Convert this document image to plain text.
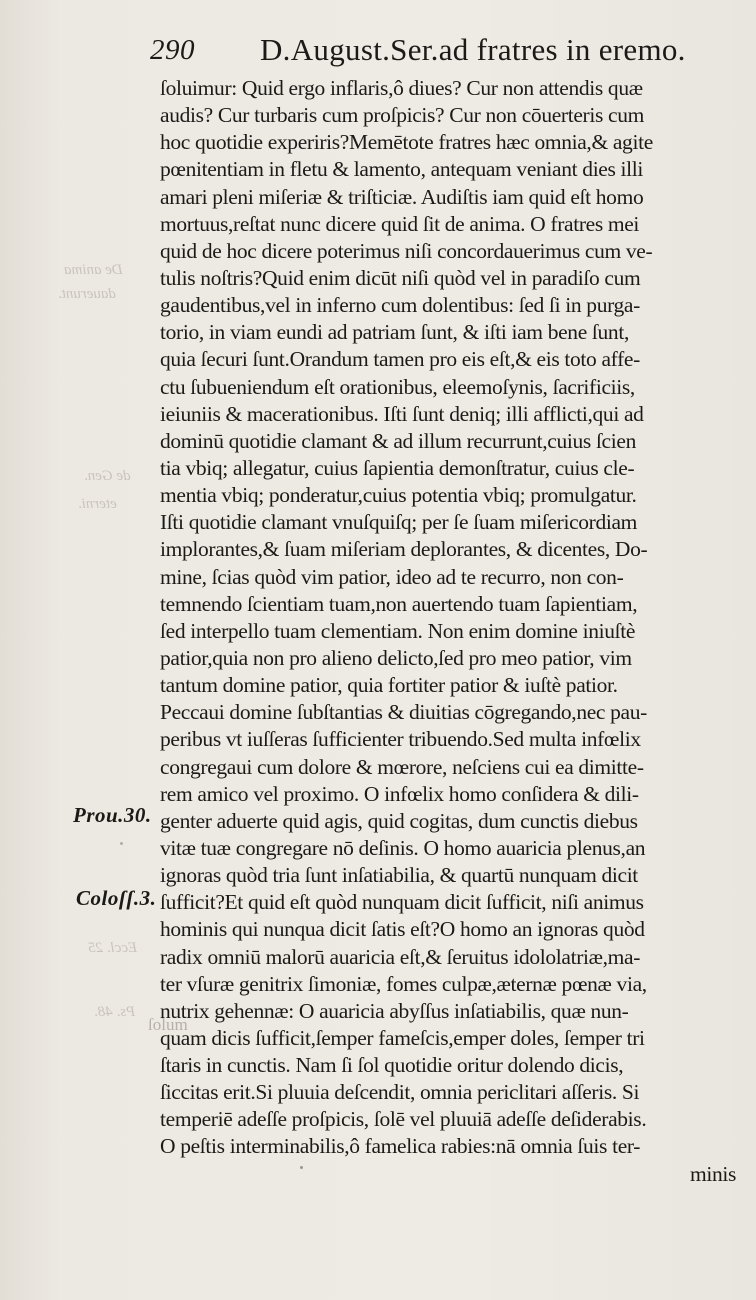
De anima
dauerunt.
de Gen.
eterni.
Eccl. 25
Ps. 48.
290 D.August.Ser.ad fratres in eremo.
Prou.30.
Coloſſ.3.
ſoluimur: Quid ergo inflaris,ô diues? Cur non attendis quæ
audis? Cur turbaris cum proſpicis? Cur non cōuerteris cum
hoc quotidie experiris?Memētote fratres hæc omnia,& agite
pœnitentiam in fletu & lamento, antequam veniant dies illi
amari pleni miſeriæ & triſticiæ. Audiſtis iam quid eſt homo
mortuus,reſtat nunc dicere quid ſit de anima. O fratres mei
quid de hoc dicere poterimus niſi concordauerimus cum ve-
tulis noſtris?Quid enim dicūt niſi quòd vel in paradiſo cum
gaudentibus,vel in inferno cum dolentibus: ſed ſi in purga-
torio, in viam eundi ad patriam ſunt, & iſti iam bene ſunt,
quia ſecuri ſunt.Orandum tamen pro eis eſt,& eis toto affe-
ctu ſubueniendum eſt orationibus, eleemoſynis, ſacrificiis,
ieiuniis & macerationibus. Iſti ſunt deniq; illi afflicti,qui ad
dominū quotidie clamant & ad illum recurrunt,cuius ſcien
tia vbiq; allegatur, cuius ſapientia demonſtratur, cuius cle-
mentia vbiq; ponderatur,cuius potentia vbiq; promulgatur.
Iſti quotidie clamant vnuſquiſq; per ſe ſuam miſericordiam
implorantes,& ſuam miſeriam deplorantes, & dicentes, Do-
mine, ſcias quòd vim patior, ideo ad te recurro, non con-
temnendo ſcientiam tuam,non auertendo tuam ſapientiam,
ſed interpello tuam clementiam. Non enim domine iniuſtè
patior,quia non pro alieno delicto,ſed pro meo patior, vim
tantum domine patior, quia fortiter patior & iuſtè patior.
Peccaui domine ſubſtantias & diuitias cōgregando,nec pau-
peribus vt iuſſeras ſufficienter tribuendo.Sed multa infœlix
congregaui cum dolore & mœrore, neſciens cui ea dimitte-
rem amico vel proximo. O infœlix homo conſidera & dili-
genter aduerte quid agis, quid cogitas, dum cunctis diebus
vitæ tuæ congregare nō deſinis. O homo auaricia plenus,an
ignoras quòd tria ſunt inſatiabilia, & quartū nunquam dicit
ſufficit?Et quid eſt quòd nunquam dicit ſufficit, niſi animus
hominis qui nunqua dicit ſatis eſt?O homo an ignoras quòd
radix omniū malorū auaricia eſt,& ſeruitus idololatriæ,ma-
ter vſuræ genitrix ſimoniæ, fomes culpæ,æternæ pœnæ via,
nutrix gehennæ: O auaricia abyſſus inſatiabilis, quæ nun-
quam dicis ſufficit,ſemper fameſcis,emper doles, ſemper tri
ſtaris in cunctis. Nam ſi ſol quotidie oritur dolendo dicis,
ſiccitas erit.Si pluuia deſcendit, omnia periclitari aſſeris. Si
temperiē adeſſe proſpicis, ſolē vel pluuiā adeſſe deſiderabis.
O peſtis interminabilis,ô famelica rabies:nā omnia ſuis ter-
minis
ſolum
